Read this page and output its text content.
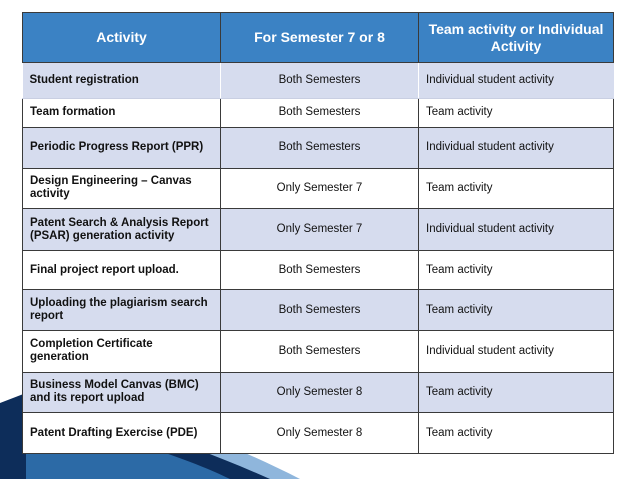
Activity	For Semester 7 or 8	Team activity or Individual Activity
Student registration	Both Semesters	Individual student activity
Team formation	Both Semesters	Team activity
Periodic Progress Report (PPR)	Both Semesters	Individual student activity
Design Engineering – Canvas activity	Only Semester 7	Team activity
Patent Search & Analysis Report (PSAR) generation activity	Only Semester 7	Individual student activity
Final project report upload.	Both Semesters	Team activity
Uploading the plagiarism search report	Both Semesters	Team activity
Completion Certificate generation	Both Semesters	Individual student activity
Business Model Canvas (BMC) and its report upload	Only Semester 8	Team activity
Patent Drafting Exercise (PDE)	Only Semester 8	Team activity
